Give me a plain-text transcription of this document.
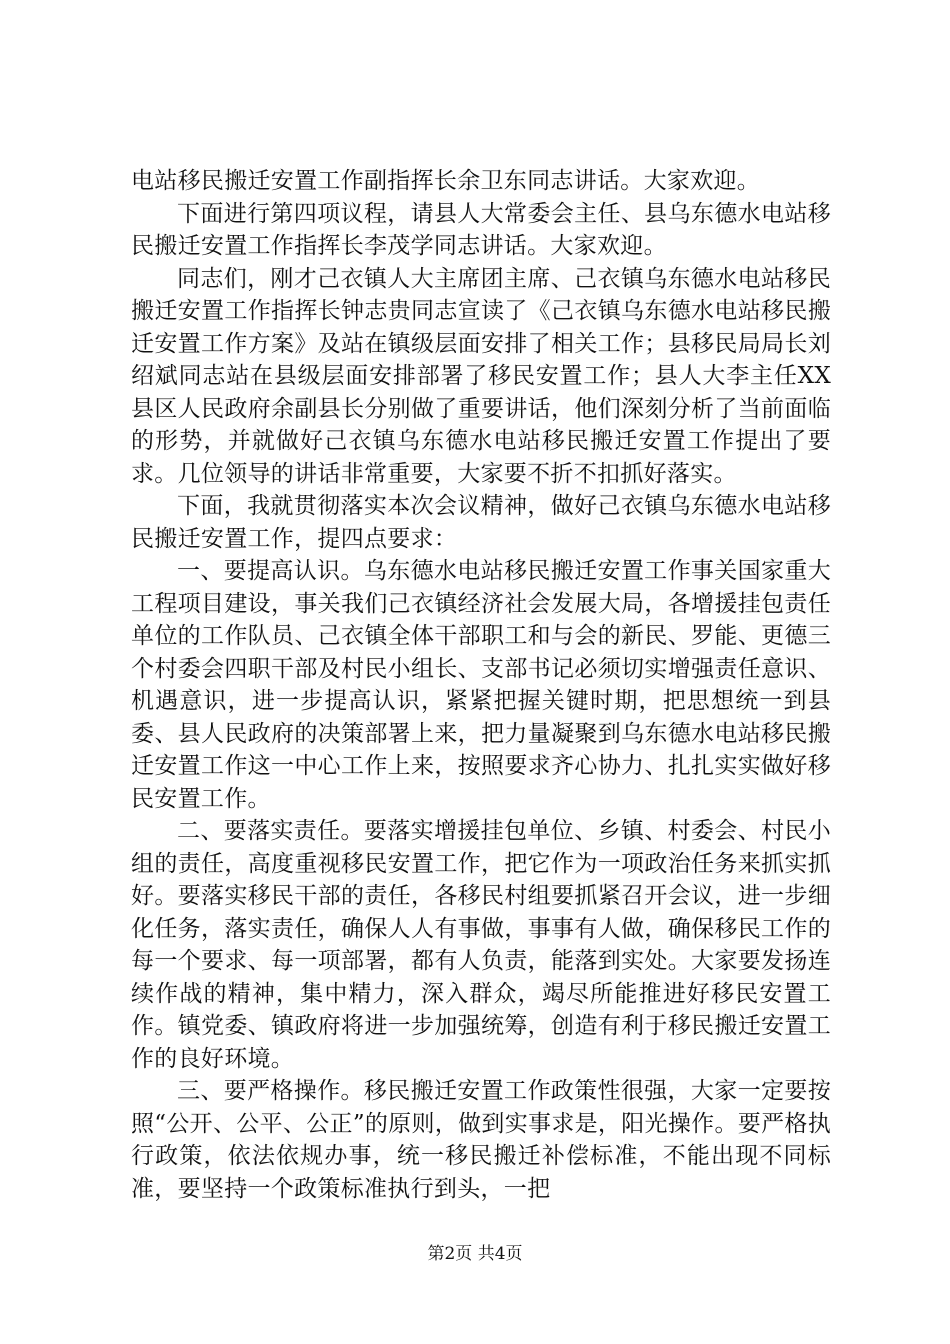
电站移民搬迁安置工作副指挥长余卫东同志讲话。大家欢迎。

下面进行第四项议程，请县人大常委会主任、县乌东德水电站移民搬迁安置工作指挥长李茂学同志讲话。大家欢迎。

同志们，刚才己衣镇人大主席团主席、己衣镇乌东德水电站移民搬迁安置工作指挥长钟志贵同志宣读了《己衣镇乌东德水电站移民搬迁安置工作方案》及站在镇级层面安排了相关工作；县移民局局长刘绍斌同志站在县级层面安排部署了移民安置工作；县人大李主任XX县区人民政府余副县长分别做了重要讲话，他们深刻分析了当前面临的形势，并就做好己衣镇乌东德水电站移民搬迁安置工作提出了要求。几位领导的讲话非常重要，大家要不折不扣抓好落实。

下面，我就贯彻落实本次会议精神，做好己衣镇乌东德水电站移民搬迁安置工作，提四点要求：

一、要提高认识。乌东德水电站移民搬迁安置工作事关国家重大工程项目建设，事关我们己衣镇经济社会发展大局，各增援挂包责任单位的工作队员、己衣镇全体干部职工和与会的新民、罗能、更德三个村委会四职干部及村民小组长、支部书记必须切实增强责任意识、机遇意识，进一步提高认识，紧紧把握关键时期，把思想统一到县委、县人民政府的决策部署上来，把力量凝聚到乌东德水电站移民搬迁安置工作这一中心工作上来，按照要求齐心协力、扎扎实实做好移民安置工作。

二、要落实责任。要落实增援挂包单位、乡镇、村委会、村民小组的责任，高度重视移民安置工作，把它作为一项政治任务来抓实抓好。要落实移民干部的责任，各移民村组要抓紧召开会议，进一步细化任务，落实责任，确保人人有事做，事事有人做，确保移民工作的每一个要求、每一项部署，都有人负责，能落到实处。大家要发扬连续作战的精神，集中精力，深入群众，竭尽所能推进好移民安置工作。镇党委、镇政府将进一步加强统筹，创造有利于移民搬迁安置工作的良好环境。

三、要严格操作。移民搬迁安置工作政策性很强，大家一定要按照“公开、公平、公正”的原则，做到实事求是，阳光操作。要严格执行政策，依法依规办事，统一移民搬迁补偿标准，不能出现不同标准，要坚持一个政策标准执行到头，一把

第2页 共4页
